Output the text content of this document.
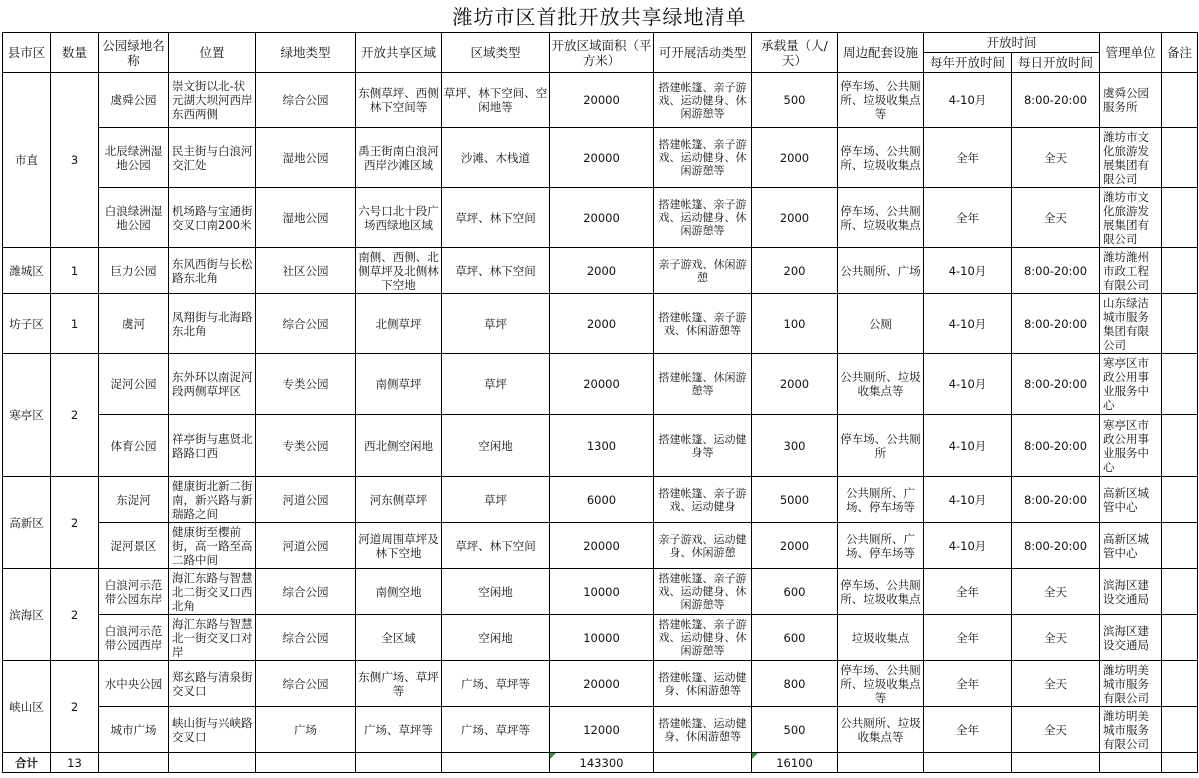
潍坊市区首批开放共享绿地清单
县市区	数量	公园绿地名称	位置	绿地类型	开放共享区域	区域类型	开放区域面积（平方米）	可开展活动类型	承载量（人/天）	周边配套设施	开放时间		管理单位	备注
											每年开放时间	每日开放时间		
市直	3	虞舜公园	崇文街以北-状元湖大坝河西岸东西两侧	综合公园	东侧草坪、西侧林下空间等	草坪、林下空间、空闲地等	20000	搭建帐篷、亲子游戏、运动健身、休闲游憩等	500	停车场、公共厕所、垃圾收集点等	4-10月	8:00-20:00	虞舜公园服务所	
		北辰绿洲湿地公园	民主街与白浪河交汇处	湿地公园	禹王街南白浪河西岸沙滩区域	沙滩、木栈道	20000	搭建帐篷、亲子游戏、运动健身、休闲游憩等	2000	停车场、公共厕所、垃圾收集点	全年	全天	潍坊市文化旅游发展集团有限公司	
		白浪绿洲湿地公园	机场路与宝通街交叉口南200米	湿地公园	六号口北十段广场西绿地区域	草坪、林下空间	20000	搭建帐篷、亲子游戏、运动健身、休闲游憩等	2000	停车场、公共厕所、垃圾收集点	全年	全天	潍坊市文化旅游发展集团有限公司	
潍城区	1	巨力公园	东风西街与长松路东北角	社区公园	南侧、西侧、北侧草坪及北侧林下空地	草坪、林下空间	2000	亲子游戏、休闲游憩	200	公共厕所、广场	4-10月	8:00-20:00	潍坊潍州市政工程有限公司	
坊子区	1	虞河	凤翔街与北海路东北角	综合公园	北侧草坪	草坪	2000	搭建帐篷、亲子游戏、休闲游憩等	100	公厕	4-10月	8:00-20:00	山东绿洁城市服务集团有限公司	
寒亭区	2	浞河公园	东外环以南浞河段两侧草坪区	专类公园	南侧草坪	草坪	20000	搭建帐篷、休闲游憩等	2000	公共厕所、垃圾收集点等	4-10月	8:00-20:00	寒亭区市政公用事业服务中心	
		体育公园	祥亭街与惠贤北路路口西	专类公园	西北侧空闲地	空闲地	1300	搭建帐篷、运动健身等	300	停车场、公共厕所	4-10月	8:00-20:00	寒亭区市政公用事业服务中心	
高新区	2	东浞河	健康街北新二街南，新兴路与新瑞路之间	河道公园	河东侧草坪	草坪	6000	搭建帐篷、亲子游戏、运动健身	5000	公共厕所、广场、停车场等	4-10月	8:00-20:00	高新区城管中心	
		浞河景区	健康街至樱前街，高一路至高二路中间	河道公园	河道周围草坪及林下空地	草坪、林下空间	20000	亲子游戏、运动健身、休闲游憩	2000	公共厕所、广场、停车场等	4-10月	8:00-20:00	高新区城管中心	
滨海区	2	白浪河示范带公园东岸	海汇东路与智慧北二街交叉口西北角	综合公园	南侧空地	空闲地	10000	搭建帐篷、亲子游戏、运动健身、休闲游憩等	600	停车场、公共厕所、垃圾收集点	全年	全天	滨海区建设交通局	
		白浪河示范带公园西岸	海汇东路与智慧北一街交叉口对岸	综合公园	全区域	空闲地	10000	搭建帐篷、亲子游戏、运动健身、休闲游憩等	600	垃圾收集点	全年	全天	滨海区建设交通局	
峡山区	2	水中央公园	郑玄路与清泉街交叉口	综合公园	东侧广场、草坪等	广场、草坪等	20000	搭建帐篷、运动健身、休闲游憩等	800	停车场、公共厕所、垃圾收集点等	全年	全天	潍坊明美城市服务有限公司	
		城市广场	峡山街与兴峡路交叉口	广场	广场、草坪等	广场、草坪等	12000	搭建帐篷、运动健身、休闲游憩等	500	公共厕所、垃圾收集点等	全年	全天	潍坊明美城市服务有限公司	
合计	13						143300		16100					
